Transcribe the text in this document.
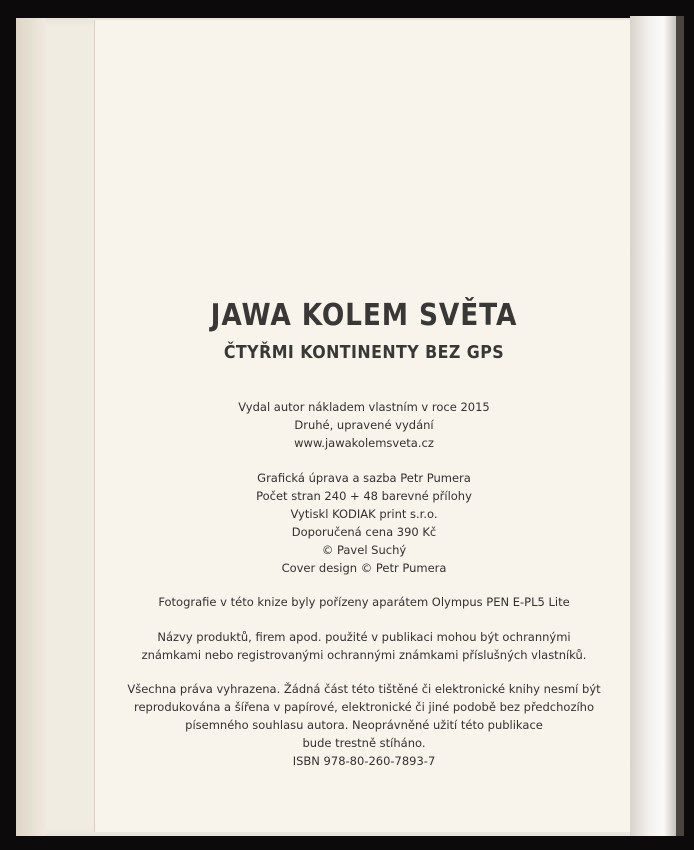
JAWA KOLEM SVĚTA
ČTYŘMI KONTINENTY BEZ GPS
Vydal autor nákladem vlastním v roce 2015
Druhé, upravené vydání
www.jawakolemsveta.cz
Grafická úprava a sazba Petr Pumera
Počet stran 240 + 48 barevné přílohy
Vytiskl KODIAK print s.r.o.
Doporučená cena 390 Kč
© Pavel Suchý
Cover design © Petr Pumera
Fotografie v této knize byly pořízeny aparátem Olympus PEN E-PL5 Lite
Názvy produktů, firem apod. použité v publikaci mohou být ochrannými
známkami nebo registrovanými ochrannými známkami příslušných vlastníků.
Všechna práva vyhrazena. Žádná část této tištěné či elektronické knihy nesmí být
reprodukována a šířena v papírové, elektronické či jiné podobě bez předchozího
písemného souhlasu autora. Neoprávněné užití této publikace
bude trestně stíháno.
ISBN 978-80-260-7893-7
